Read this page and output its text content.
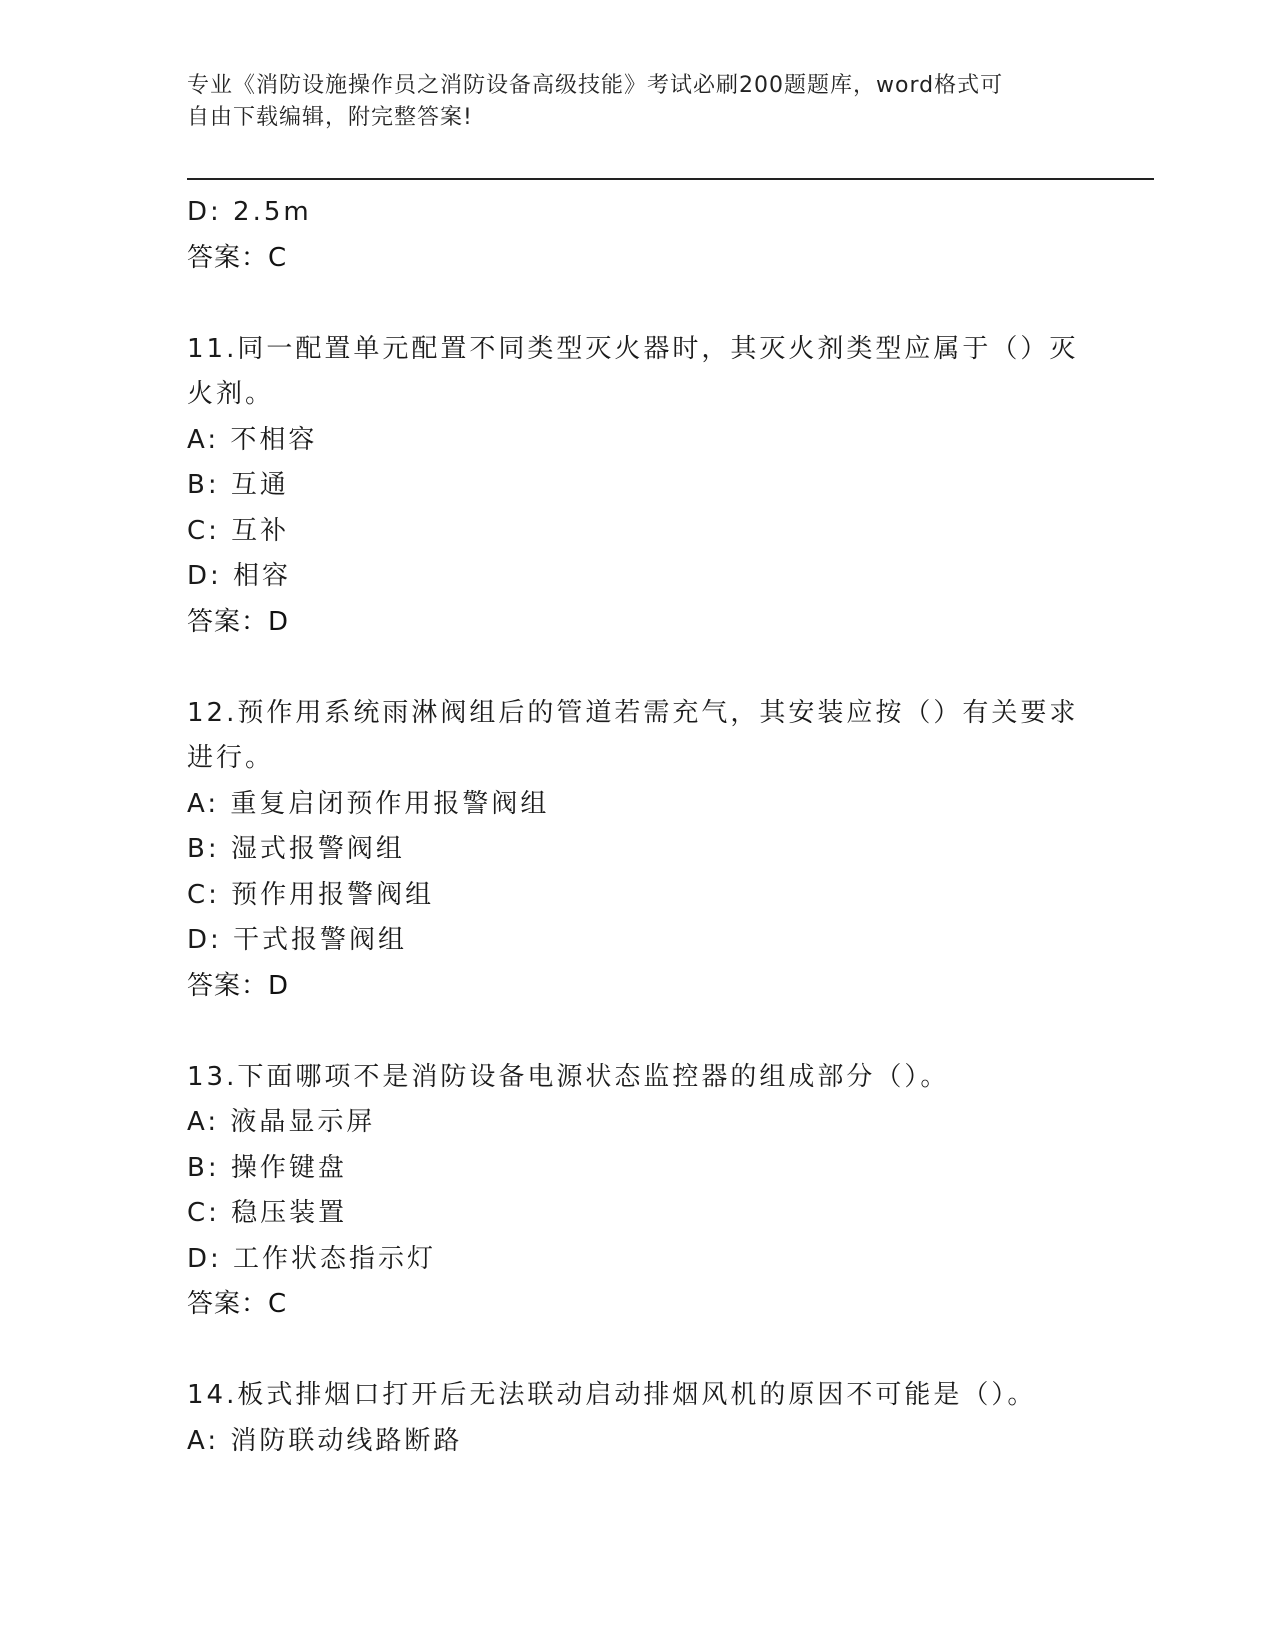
专业《消防设施操作员之消防设备高级技能》考试必刷200题题库，word格式可
自由下载编辑，附完整答案!
D: 2.5m
答案：C
11.同一配置单元配置不同类型灭火器时，其灭火剂类型应属于（）灭
火剂。
A: 不相容
B: 互通
C: 互补
D: 相容
答案：D
12.预作用系统雨淋阀组后的管道若需充气，其安装应按（）有关要求
进行。
A: 重复启闭预作用报警阀组
B: 湿式报警阀组
C: 预作用报警阀组
D: 干式报警阀组
答案：D
13.下面哪项不是消防设备电源状态监控器的组成部分（）。
A: 液晶显示屏
B: 操作键盘
C: 稳压装置
D: 工作状态指示灯
答案：C
14.板式排烟口打开后无法联动启动排烟风机的原因不可能是（）。
A: 消防联动线路断路
